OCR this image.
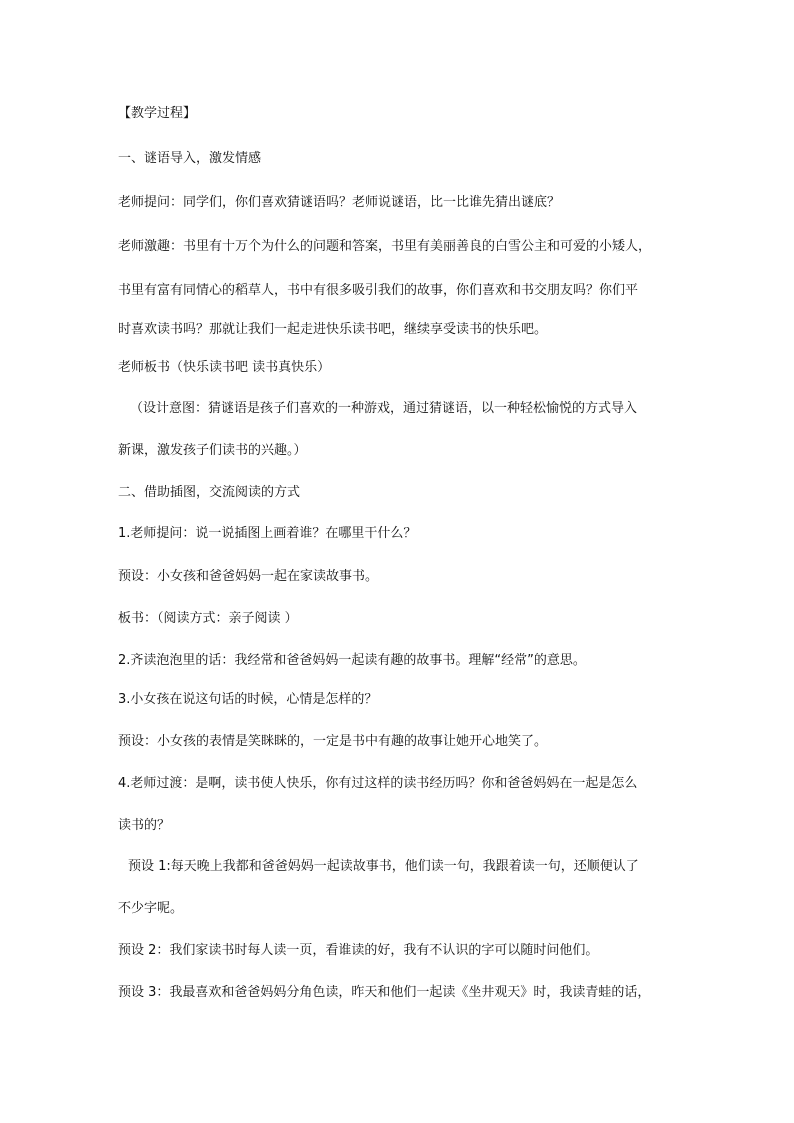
【教学过程】
一、谜语导入，激发情感
老师提问：同学们，你们喜欢猜谜语吗？老师说谜语，比一比谁先猜出谜底？
老师激趣：书里有十万个为什么的问题和答案，书里有美丽善良的白雪公主和可爱的小矮人，
书里有富有同情心的稻草人，书中有很多吸引我们的故事，你们喜欢和书交朋友吗？你们平
时喜欢读书吗？那就让我们一起走进快乐读书吧，继续享受读书的快乐吧。
老师板书（快乐读书吧 读书真快乐）
（设计意图：猜谜语是孩子们喜欢的一种游戏，通过猜谜语，以一种轻松愉悦的方式导入
新课，激发孩子们读书的兴趣。）
二、借助插图，交流阅读的方式
1.老师提问：说一说插图上画着谁？在哪里干什么？
预设：小女孩和爸爸妈妈一起在家读故事书。
板书：（阅读方式：亲子阅读 ）
2.齐读泡泡里的话：我经常和爸爸妈妈一起读有趣的故事书。理解“经常”的意思。
3.小女孩在说这句话的时候，心情是怎样的？
预设：小女孩的表情是笑眯眯的，一定是书中有趣的故事让她开心地笑了。
4.老师过渡：是啊，读书使人快乐，你有过这样的读书经历吗？你和爸爸妈妈在一起是怎么
读书的？
预设 1:每天晚上我都和爸爸妈妈一起读故事书，他们读一句，我跟着读一句，还顺便认了
不少字呢。
预设 2：我们家读书时每人读一页，看谁读的好，我有不认识的字可以随时问他们。
预设 3：我最喜欢和爸爸妈妈分角色读，昨天和他们一起读《坐井观天》时，我读青蛙的话，
